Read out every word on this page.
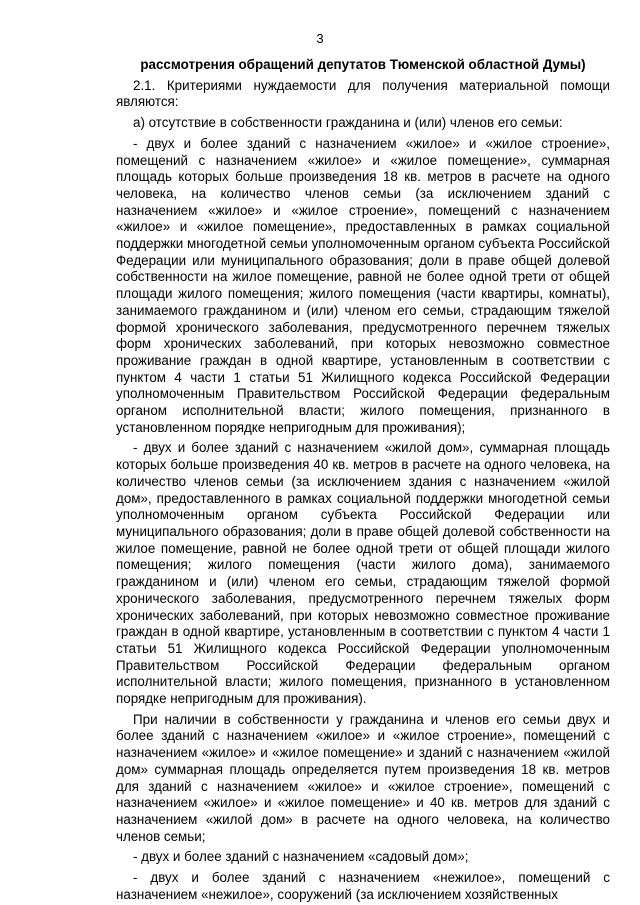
3

рассмотрения обращений депутатов Тюменской областной Думы)

2.1. Критериями нуждаемости для получения материальной помощи являются:

а) отсутствие в собственности гражданина и (или) членов его семьи:

- двух и более зданий с назначением «жилое» и «жилое строение», помещений с назначением «жилое» и «жилое помещение», суммарная площадь которых больше произведения 18 кв. метров в расчете на одного человека, на количество членов семьи (за исключением зданий с назначением «жилое» и «жилое строение», помещений с назначением «жилое» и «жилое помещение», предоставленных в рамках социальной поддержки многодетной семьи уполномоченным органом субъекта Российской Федерации или муниципального образования; доли в праве общей долевой собственности на жилое помещение, равной не более одной трети от общей площади жилого помещения; жилого помещения (части квартиры, комнаты), занимаемого гражданином и (или) членом его семьи, страдающим тяжелой формой хронического заболевания, предусмотренного перечнем тяжелых форм хронических заболеваний, при которых невозможно совместное проживание граждан в одной квартире, установленным в соответствии с пунктом 4 части 1 статьи 51 Жилищного кодекса Российской Федерации уполномоченным Правительством Российской Федерации федеральным органом исполнительной власти; жилого помещения, признанного в установленном порядке непригодным для проживания);

- двух и более зданий с назначением «жилой дом», суммарная площадь которых больше произведения 40 кв. метров в расчете на одного человека, на количество членов семьи (за исключением здания с назначением «жилой дом», предоставленного в рамках социальной поддержки многодетной семьи уполномоченным органом субъекта Российской Федерации или муниципального образования; доли в праве общей долевой собственности на жилое помещение, равной не более одной трети от общей площади жилого помещения; жилого помещения (части жилого дома), занимаемого гражданином и (или) членом его семьи, страдающим тяжелой формой хронического заболевания, предусмотренного перечнем тяжелых форм хронических заболеваний, при которых невозможно совместное проживание граждан в одной квартире, установленным в соответствии с пунктом 4 части 1 статьи 51 Жилищного кодекса Российской Федерации уполномоченным Правительством Российской Федерации федеральным органом исполнительной власти; жилого помещения, признанного в установленном порядке непригодным для проживания).

При наличии в собственности у гражданина и членов его семьи двух и более зданий с назначением «жилое» и «жилое строение», помещений с назначением «жилое» и «жилое помещение» и зданий с назначением «жилой дом» суммарная площадь определяется путем произведения 18 кв. метров для зданий с назначением «жилое» и «жилое строение», помещений с назначением «жилое» и «жилое помещение» и 40 кв. метров для зданий с назначением «жилой дом» в расчете на одного человека, на количество членов семьи;

- двух и более зданий с назначением «садовый дом»;

- двух и более зданий с назначением «нежилое», помещений с назначением «нежилое», сооружений (за исключением хозяйственных
